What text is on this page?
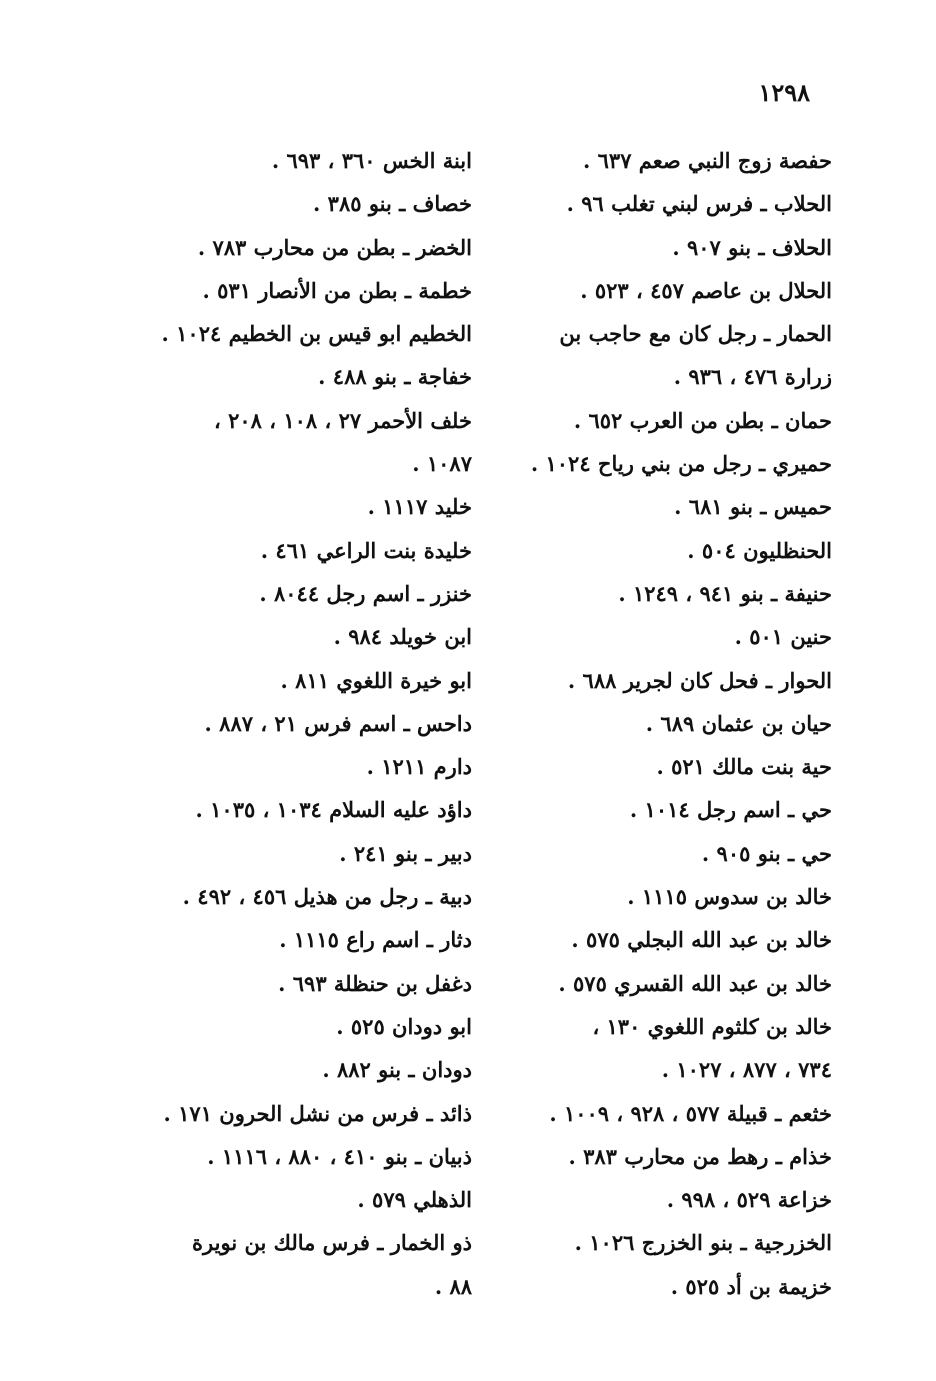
١٢٩٨
حفصة زوج النبي صعم ٦٣٧ .
الحلاب ـ فرس لبني تغلب ٩٦ .
الحلاف ـ بنو ٩٠٧ .
الحلال بن عاصم ٤٥٧ ، ٥٢٣ .
الحمار ـ رجل كان مع حاجب بن
زرارة ٤٧٦ ، ٩٣٦ .
حمان ـ بطن من العرب ٦٥٢ .
حميري ـ رجل من بني رياح ١٠٢٤ .
حميس ـ بنو ٦٨١ .
الحنظليون ٥٠٤ .
حنيفة ـ بنو ٩٤١ ، ١٢٤٩ .
حنين ٥٠١ .
الحوار ـ فحل كان لجرير ٦٨٨ .
حيان بن عثمان ٦٨٩ .
حية بنت مالك ٥٢١ .
حي ـ اسم رجل ١٠١٤ .
حي ـ بنو ٩٠٥ .
خالد بن سدوس ١١١٥ .
خالد بن عبد الله البجلي ٥٧٥ .
خالد بن عبد الله القسري ٥٧٥ .
خالد بن كلثوم اللغوي ١٣٠ ،
٧٣٤ ، ٨٧٧ ، ١٠٢٧ .
خثعم ـ قبيلة ٥٧٧ ، ٩٢٨ ، ١٠٠٩ .
خذام ـ رهط من محارب ٣٨٣ .
خزاعة ٥٢٩ ، ٩٩٨ .
الخزرجية ـ بنو الخزرج ١٠٢٦ .
خزيمة بن أد ٥٢٥ .
ابنة الخس ٣٦٠ ، ٦٩٣ .
خصاف ـ بنو ٣٨٥ .
الخضر ـ بطن من محارب ٧٨٣ .
خطمة ـ بطن من الأنصار ٥٣١ .
الخطيم ابو قيس بن الخطيم ١٠٢٤ .
خفاجة ـ بنو ٤٨٨ .
خلف الأحمر ٢٧ ، ١٠٨ ، ٢٠٨ ،
١٠٨٧ .
خليد ١١١٧ .
خليدة بنت الراعي ٤٦١ .
خنزر ـ اسم رجل ٨٠٤٤ .
ابن خويلد ٩٨٤ .
ابو خيرة اللغوي ٨١١ .
داحس ـ اسم فرس ٢١ ، ٨٨٧ .
دارم ١٢١١ .
داؤد عليه السلام ١٠٣٤ ، ١٠٣٥ .
دبير ـ بنو ٢٤١ .
دبية ـ رجل من هذيل ٤٥٦ ، ٤٩٢ .
دثار ـ اسم راع ١١١٥ .
دغفل بن حنظلة ٦٩٣ .
ابو دودان ٥٢٥ .
دودان ـ بنو ٨٨٢ .
ذائد ـ فرس من نشل الحرون ١٧١ .
ذبيان ـ بنو ٤١٠ ، ٨٨٠ ، ١١١٦ .
الذهلي ٥٧٩ .
ذو الخمار ـ فرس مالك بن نويرة
٨٨ .
